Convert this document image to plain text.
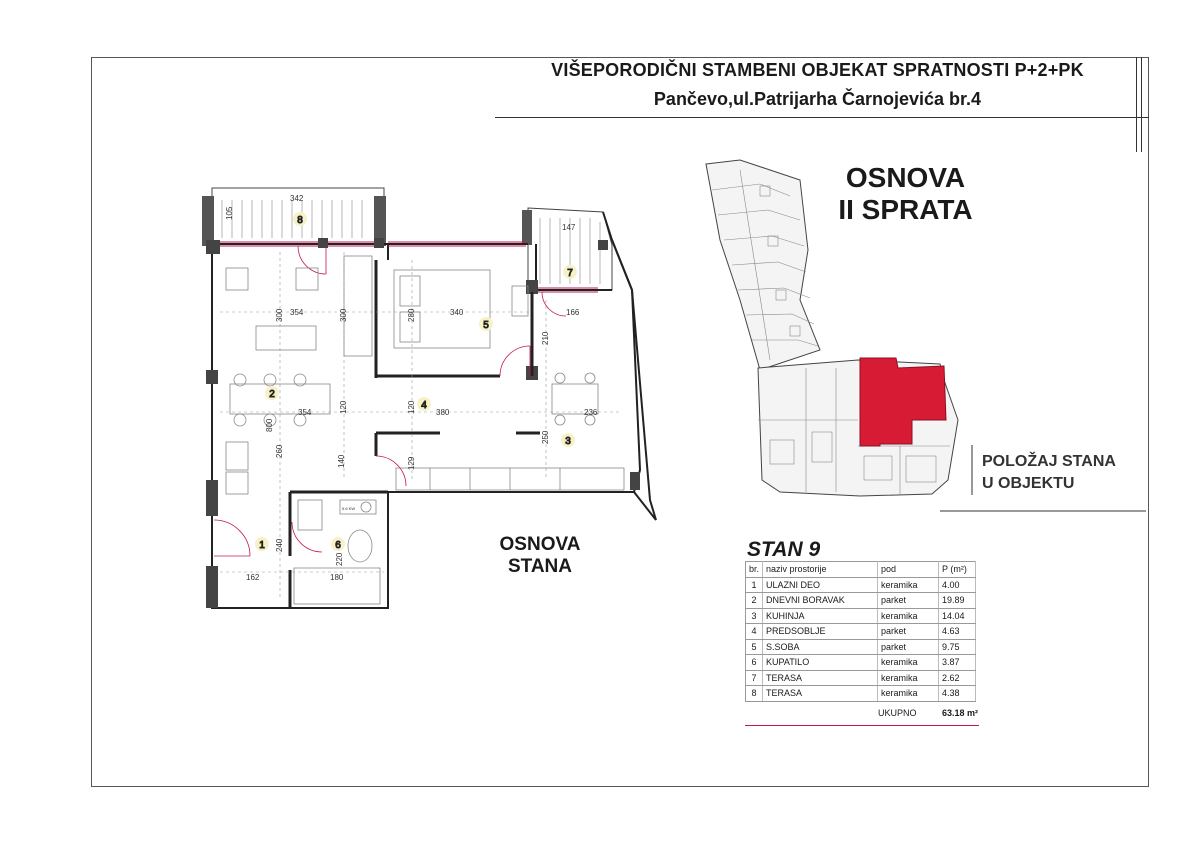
VIŠEPORODIČNI STAMBENI OBJEKAT SPRATNOSTI P+2+PK
Pančevo,ul.Patrijarha Čarnojevića br.4
OSNOVA
II SPRATA
OSNOVA
STANA
POLOŽAJ STANA
U OBJEKTU
342
105
147
300 354	300	280	340	166
210
354	120	120	380	236
800
260
250
140	129
240
220
162	180
5.6 KW
1
2
3
4
5
6
7
8
STAN 9
br.	naziv prostorije	pod	P (m²)
1	ULAZNI DEO	keramika	4.00
2	DNEVNI BORAVAK	parket	19.89
3	KUHINJA	keramika	14.04
4	PREDSOBLJE	parket	4.63
5	S.SOBA	parket	9.75
6	KUPATILO	keramika	3.87
7	TERASA	keramika	2.62
8	TERASA	keramika	4.38
UKUPNO	63.18 m²
